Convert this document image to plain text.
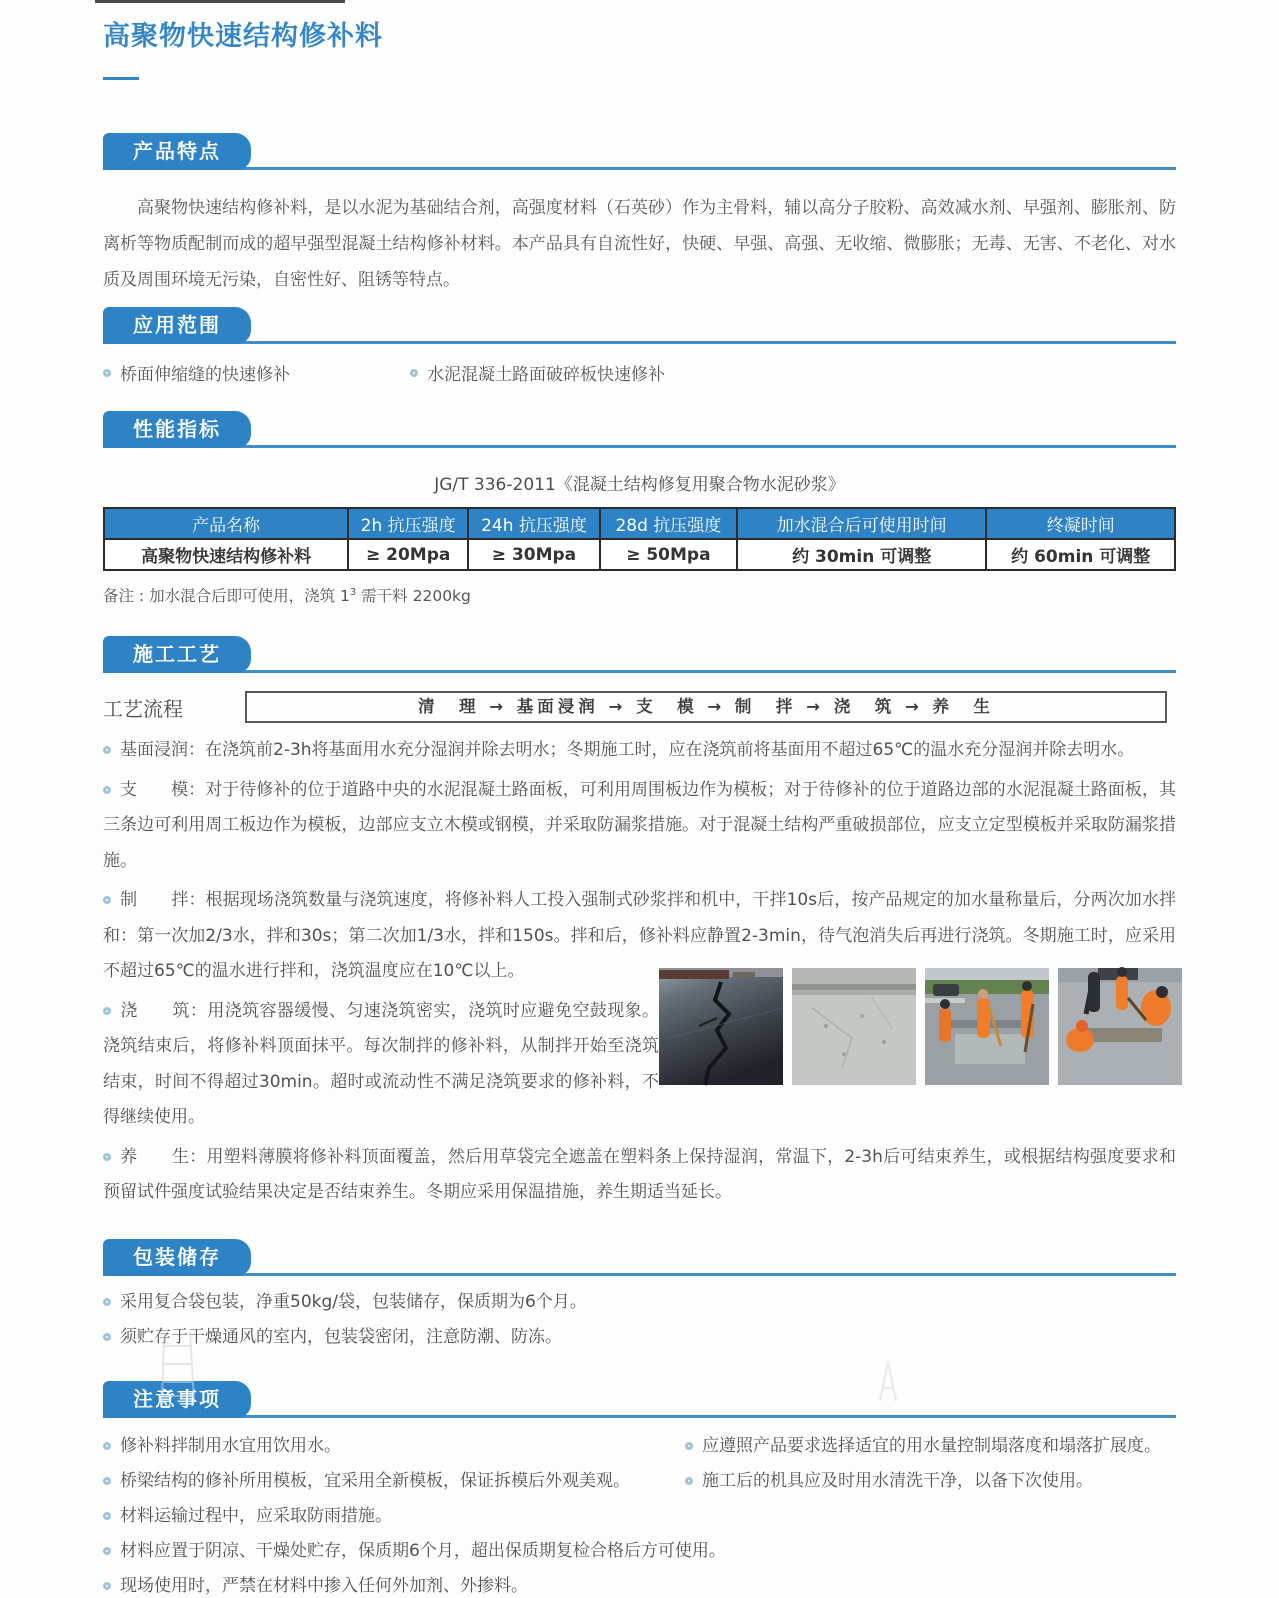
高聚物快速结构修补料
产品特点

高聚物快速结构修补料，是以水泥为基础结合剂，高强度材料（石英砂）作为主骨料，辅以高分子胶粉、高效减水剂、早强剂、膨胀剂、防离析等物质配制而成的超早强型混凝土结构修补材料。本产品具有自流性好，快硬、早强、高强、无收缩、微膨胀；无毒、无害、不老化、对水质及周围环境无污染，自密性好、阻锈等特点。

应用范围
桥面伸缩缝的快速修补	水泥混凝土路面破碎板快速修补
性能指标
JG/T 336-2011《混凝土结构修复用聚合物水泥砂浆》
产品名称	2h 抗压强度	24h 抗压强度	28d 抗压强度	加水混合后可使用时间	终凝时间
高聚物快速结构修补料	≥ 20Mpa	≥ 30Mpa	≥ 50Mpa	约 30min 可调整	约 60min 可调整
备注 : 加水混合后即可使用，浇筑 $1^3$ 需干料 2200kg
施工工艺
工艺流程	清　理 → 基面浸润 → 支　模 → 制　拌 → 浇　筑 → 养　生

基面浸润：在浇筑前2-3h将基面用水充分湿润并除去明水；冬期施工时，应在浇筑前将基面用不超过65℃的温水充分湿润并除去明水。

支　　模：对于待修补的位于道路中央的水泥混凝土路面板，可利用周围板边作为模板；对于待修补的位于道路边部的水泥混凝土路面板，其三条边可利用周工板边作为模板，边部应支立木模或钢模，并采取防漏浆措施。对于混凝土结构严重破损部位，应支立定型模板并采取防漏浆措施。

制　　拌：根据现场浇筑数量与浇筑速度，将修补料人工投入强制式砂浆拌和机中，干拌10s后，按产品规定的加水量称量后，分两次加水拌和：第一次加2/3水，拌和30s；第二次加1/3水，拌和150s。拌和后，修补料应静置2-3min，待气泡消失后再进行浇筑。冬期施工时，应采用不超过65℃的温水进行拌和，浇筑温度应在10℃以上。

浇　　筑：用浇筑容器缓慢、匀速浇筑密实，浇筑时应避免空鼓现象。浇筑结束后，将修补料顶面抹平。每次制拌的修补料，从制拌开始至浇筑结束，时间不得超过30min。超时或流动性不满足浇筑要求的修补料，不得继续使用。

养　　生：用塑料薄膜将修补料顶面覆盖，然后用草袋完全遮盖在塑料条上保持湿润，常温下，2-3h后可结束养生，或根据结构强度要求和预留试件强度试验结果决定是否结束养生。冬期应采用保温措施，养生期适当延长。

包装储存
采用复合袋包装，净重50kg/袋，包装储存，保质期为6个月。
须贮存于干燥通风的室内，包装袋密闭，注意防潮、防冻。
注意事项
修补料拌制用水宜用饮用水。	应遵照产品要求选择适宜的用水量控制塌落度和塌落扩展度。
桥梁结构的修补所用模板，宜采用全新模板，保证拆模后外观美观。	施工后的机具应及时用水清洗干净，以备下次使用。
材料运输过程中，应采取防雨措施。
材料应置于阴凉、干燥处贮存，保质期6个月，超出保质期复检合格后方可使用。
现场使用时，严禁在材料中掺入任何外加剂、外掺料。
